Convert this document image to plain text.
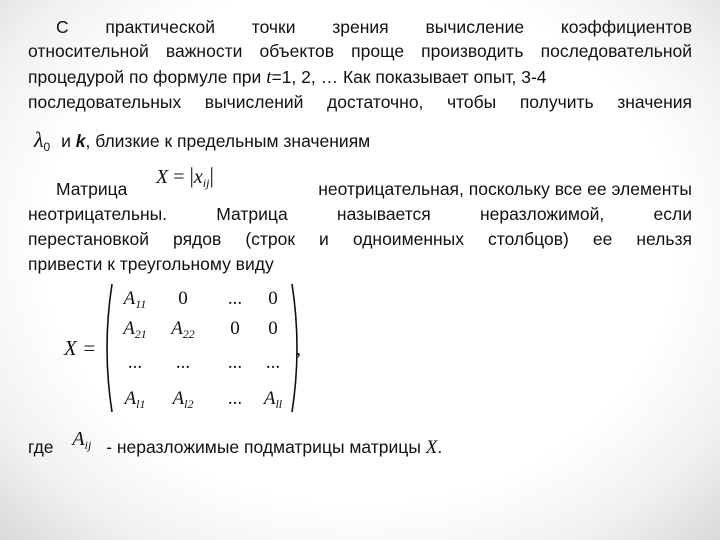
С практической точки зрения вычисление коэффициентов
относительной важности объектов проще производить последовательной
процедурой по формуле при t=1, 2, … Как показывает опыт, 3-4
последовательных вычислений достаточно, чтобы получить значения
$\lambda_0$ и k, близкие к предельным значениям
Матрица
$X = |x_{ij}|$
неотрицательная, поскольку все ее элементы
неотрицательны. Матрица называется неразложимой, если
перестановкой рядов (строк и одноименных столбцов) ее нельзя
привести к треугольному виду
X =	,
$A_{11}$	0	...	0
$A_{21}$	$A_{22}$	0	0
...	...	...	...
$A_{l1}$	$A_{l2}$	...	$A_{ll}$
где $A_{ij}$ - неразложимые подматрицы матрицы X.
